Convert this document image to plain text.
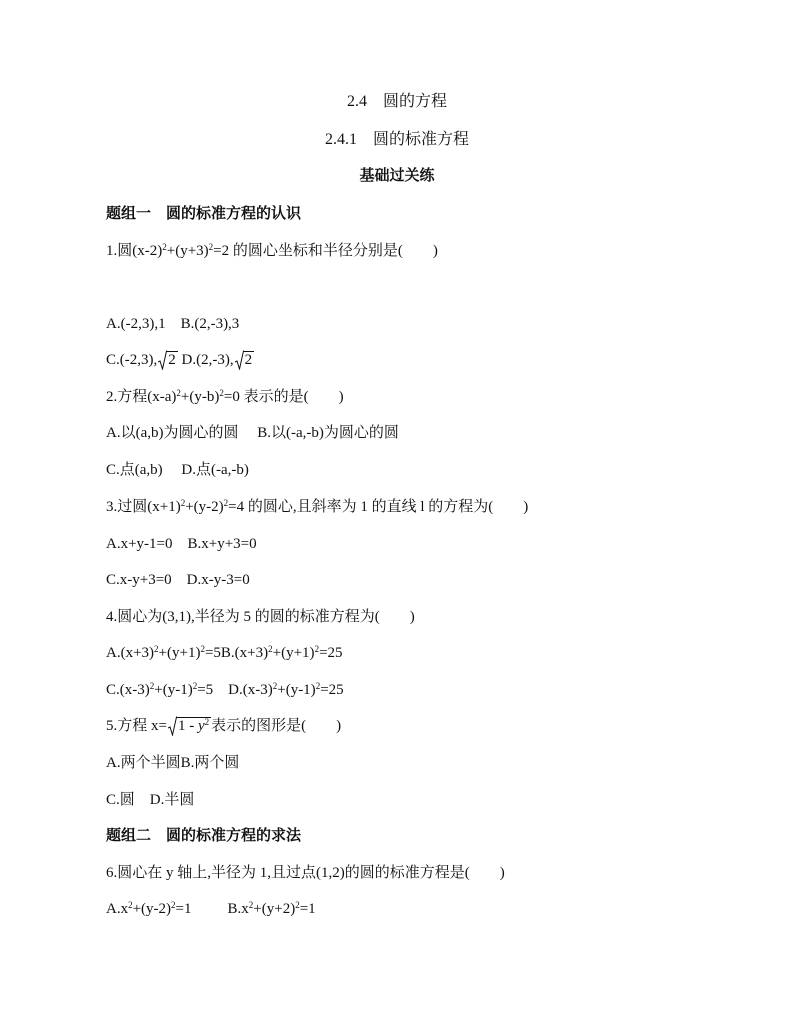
2.4　圆的方程
2.4.1　圆的标准方程
基础过关练
题组一　圆的标准方程的认识
1.圆$(x-2)^2+(y+3)^2=2$ 的圆心坐标和半径分别是(　　)
A.(-2,3),1　B.(2,-3),3
C.(-2,3), 2 D.(2,-3), 2
2.方程$(x-a)^2+(y-b)^2=0$ 表示的是(　　)
A.以(a,b)为圆心的圆　 B.以(-a,-b)为圆心的圆
C.点(a,b)　 D.点(-a,-b)
3.过圆$(x+1)^2+(y-2)^2=4$ 的圆心,且斜率为 1 的直线 l 的方程为(　　)
A.x+y-1=0　B.x+y+3=0
C.x-y+3=0　D.x-y-3=0
4.圆心为(3,1),半径为 5 的圆的标准方程为(　　)
$A.(x+3)^2+(y+1)^2=5B.(x+3)^2+(y+1)^2=25$
$C.(x-3)^2+(y-1)^2=5$　$D.(x-3)^2+(y-1)^2=25$
5.方程 $x= 1 - y^2$ 表示的图形是(　　)
A.两个半圆B.两个圆
C.圆　D.半圆
题组二　圆的标准方程的求法
6.圆心在 y 轴上,半径为 1,且过点(1,2)的圆的标准方程是(　　)
$A.x^2+(y-2)^2=1$ $B.x^2+(y+2)^2=1$
